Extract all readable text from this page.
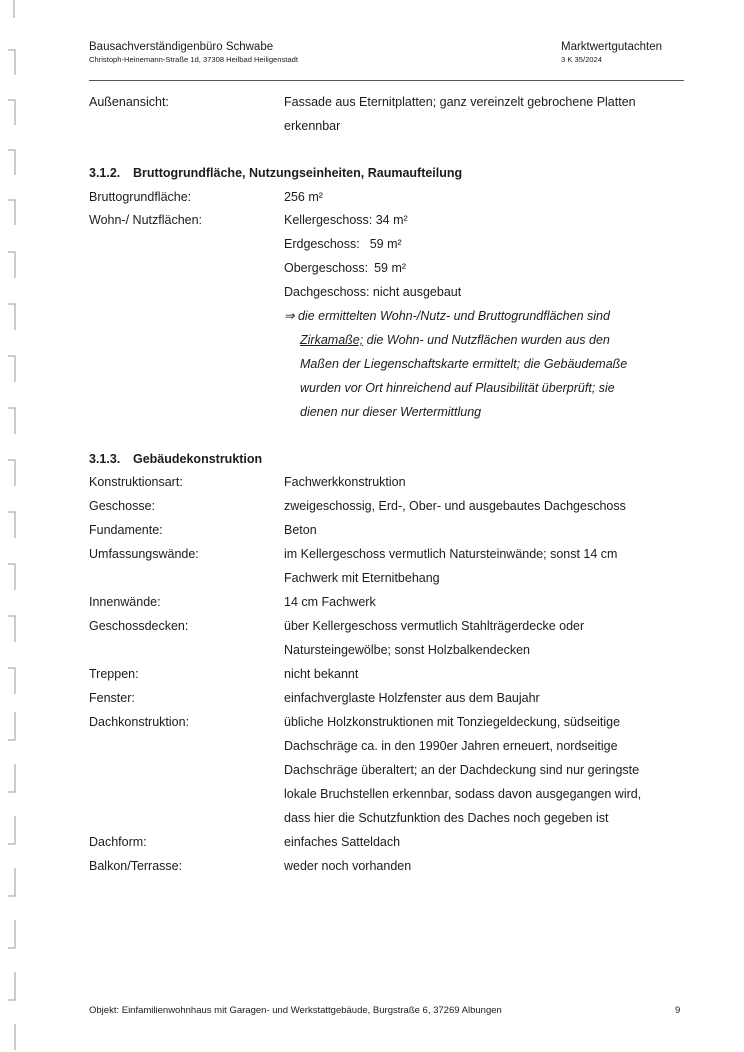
Bausachverständigenbüro Schwabe
Christoph-Heinemann-Straße 1d, 37308 Heilbad Heiligenstadt
Marktwertgutachten
3 K 35/2024
Außenansicht:	Fassade aus Eternitplatten; ganz vereinzelt gebrochene Platten
erkennbar
3.1.2. Bruttogrundfläche, Nutzungseinheiten, Raumaufteilung
Bruttogrundfläche:	256 m²
Wohn-/ Nutzflächen:	Kellergeschoss: 34 m²
Erdgeschoss: 59 m²
Obergeschoss: 59 m²
Dachgeschoss: nicht ausgebaut
⇒ die ermittelten Wohn-/Nutz- und Bruttogrundflächen sind
Zirkamaße; die Wohn- und Nutzflächen wurden aus den
Maßen der Liegenschaftskarte ermittelt; die Gebäudemaße
wurden vor Ort hinreichend auf Plausibilität überprüft; sie
dienen nur dieser Wertermittlung
3.1.3. Gebäudekonstruktion
Konstruktionsart:	Fachwerkkonstruktion
Geschosse:	zweigeschossig, Erd-, Ober- und ausgebautes Dachgeschoss
Fundamente:	Beton
Umfassungswände:	im Kellergeschoss vermutlich Natursteinwände; sonst 14 cm
Fachwerk mit Eternitbehang
Innenwände:	14 cm Fachwerk
Geschossdecken:	über Kellergeschoss vermutlich Stahlträgerdecke oder
Natursteingewölbe; sonst Holzbalkendecken
Treppen:	nicht bekannt
Fenster:	einfachverglaste Holzfenster aus dem Baujahr
Dachkonstruktion:	übliche Holzkonstruktionen mit Tonziegeldeckung, südseitige
Dachschräge ca. in den 1990er Jahren erneuert, nordseitige
Dachschräge überaltert; an der Dachdeckung sind nur geringste
lokale Bruchstellen erkennbar, sodass davon ausgegangen wird,
dass hier die Schutzfunktion des Daches noch gegeben ist
Dachform:	einfaches Satteldach
Balkon/Terrasse:	weder noch vorhanden
Objekt: Einfamilienwohnhaus mit Garagen- und Werkstattgebäude, Burgstraße 6, 37269 Albungen	9
